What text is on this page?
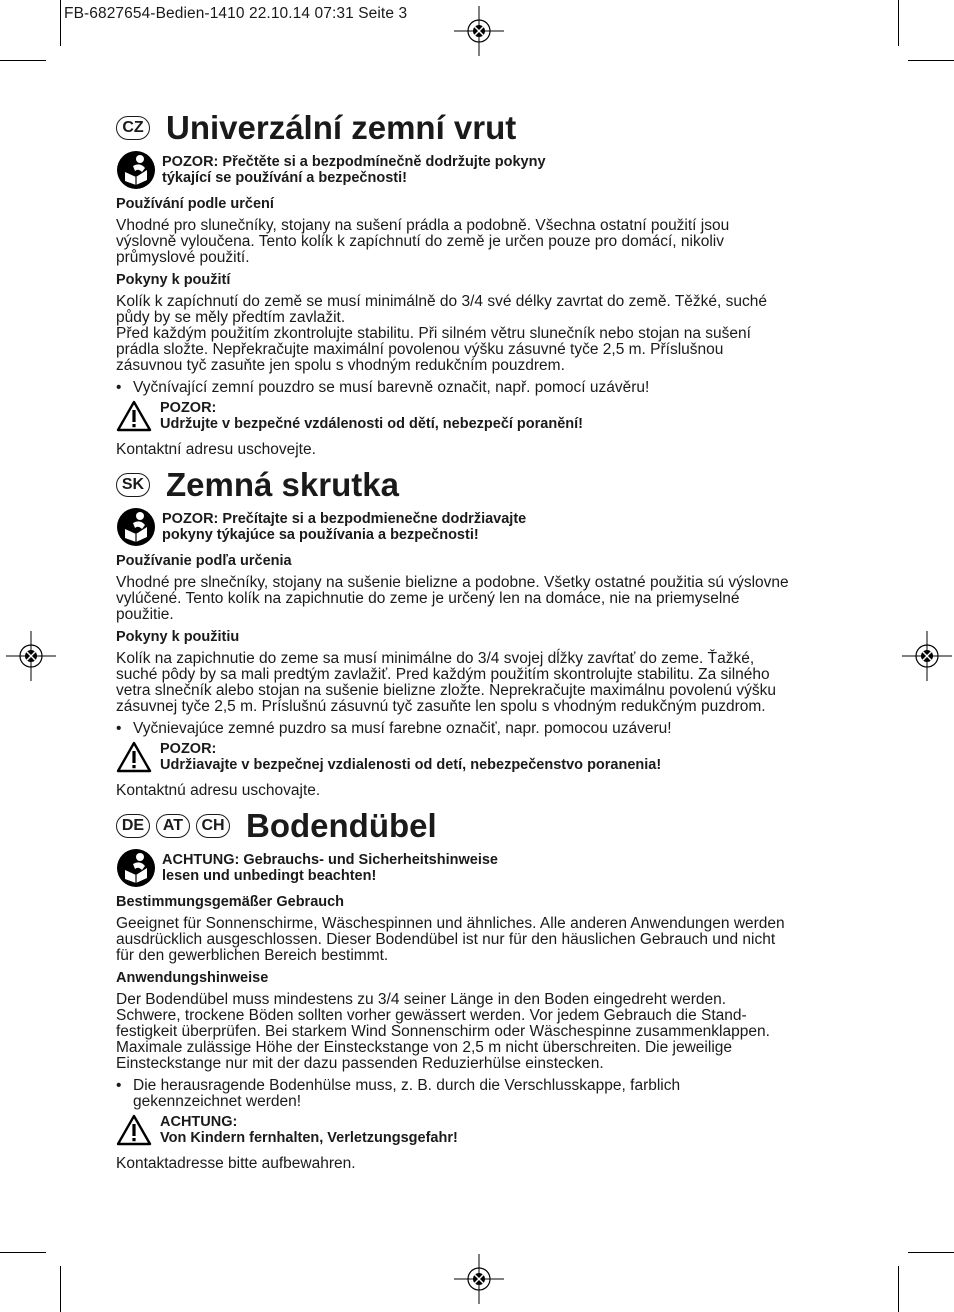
FB-6827654-Bedien-1410 22.10.14 07:31 Seite 3
CZ Univerzální zemní vrut
POZOR: Přečtěte si a bezpodmínečně dodržujte pokyny
týkající se používání a bezpečnosti!
Používání podle určení
Vhodné pro slunečníky, stojany na sušení prádla a podobně. Všechna ostatní použití jsou
výslovně vyloučena. Tento kolík k zapíchnutí do země je určen pouze pro domácí, nikoliv
průmyslové použití.
Pokyny k použití
Kolík k zapíchnutí do země se musí minimálně do 3/4 své délky zavrtat do země. Těžké, suché
půdy by se měly předtím zavlažit.
Před každým použitím zkontrolujte stabilitu. Při silném větru slunečník nebo stojan na sušení
prádla složte. Nepřekračujte maximální povolenou výšku zásuvné tyče 2,5 m. Příslušnou
zásuvnou tyč zasuňte jen spolu s vhodným redukčním pouzdrem.
• Vyčnívající zemní pouzdro se musí barevně označit, např. pomocí uzávěru!
POZOR:
Udržujte v bezpečné vzdálenosti od dětí, nebezpečí poranění!
Kontaktní adresu uschovejte.
SK Zemná skrutka
POZOR: Prečítajte si a bezpodmienečne dodržiavajte
pokyny týkajúce sa používania a bezpečnosti!
Používanie podľa určenia
Vhodné pre slnečníky, stojany na sušenie bielizne a podobne. Všetky ostatné použitia sú výslovne
vylúčené. Tento kolík na zapichnutie do zeme je určený len na domáce, nie na priemyselné
použitie.
Pokyny k použitiu
Kolík na zapichnutie do zeme sa musí minimálne do 3/4 svojej dĺžky zavŕtať do zeme. Ťažké,
suché pôdy by sa mali predtým zavlažiť. Pred každým použitím skontrolujte stabilitu. Za silného
vetra slnečník alebo stojan na sušenie bielizne zložte. Neprekračujte maximálnu povolenú výšku
zásuvnej tyče 2,5 m. Príslušnú zásuvnú tyč zasuňte len spolu s vhodným redukčným puzdrom.
• Vyčnievajúce zemné puzdro sa musí farebne označiť, napr. pomocou uzáveru!
POZOR:
Udržiavajte v bezpečnej vzdialenosti od detí, nebezpečenstvo poranenia!
Kontaktnú adresu uschovajte.
DE	AT	CH Bodendübel
ACHTUNG: Gebrauchs- und Sicherheitshinweise
lesen und unbedingt beachten!
Bestimmungsgemäßer Gebrauch
Geeignet für Sonnenschirme, Wäschespinnen und ähnliches. Alle anderen Anwendungen werden
ausdrücklich ausgeschlossen. Dieser Bodendübel ist nur für den häuslichen Gebrauch und nicht
für den gewerblichen Bereich bestimmt.
Anwendungshinweise
Der Bodendübel muss mindestens zu 3/4 seiner Länge in den Boden eingedreht werden.
Schwere, trockene Böden sollten vorher gewässert werden. Vor jedem Gebrauch die Stand-
festigkeit überprüfen. Bei starkem Wind Sonnenschirm oder Wäschespinne zusammenklappen.
Maximale zulässige Höhe der Einsteckstange von 2,5 m nicht überschreiten. Die jeweilige
Einsteckstange nur mit der dazu passenden Reduzierhülse einstecken.
• Die herausragende Bodenhülse muss, z. B. durch die Verschlusskappe, farblich
gekennzeichnet werden!
ACHTUNG:
Von Kindern fernhalten, Verletzungsgefahr!
Kontaktadresse bitte aufbewahren.
